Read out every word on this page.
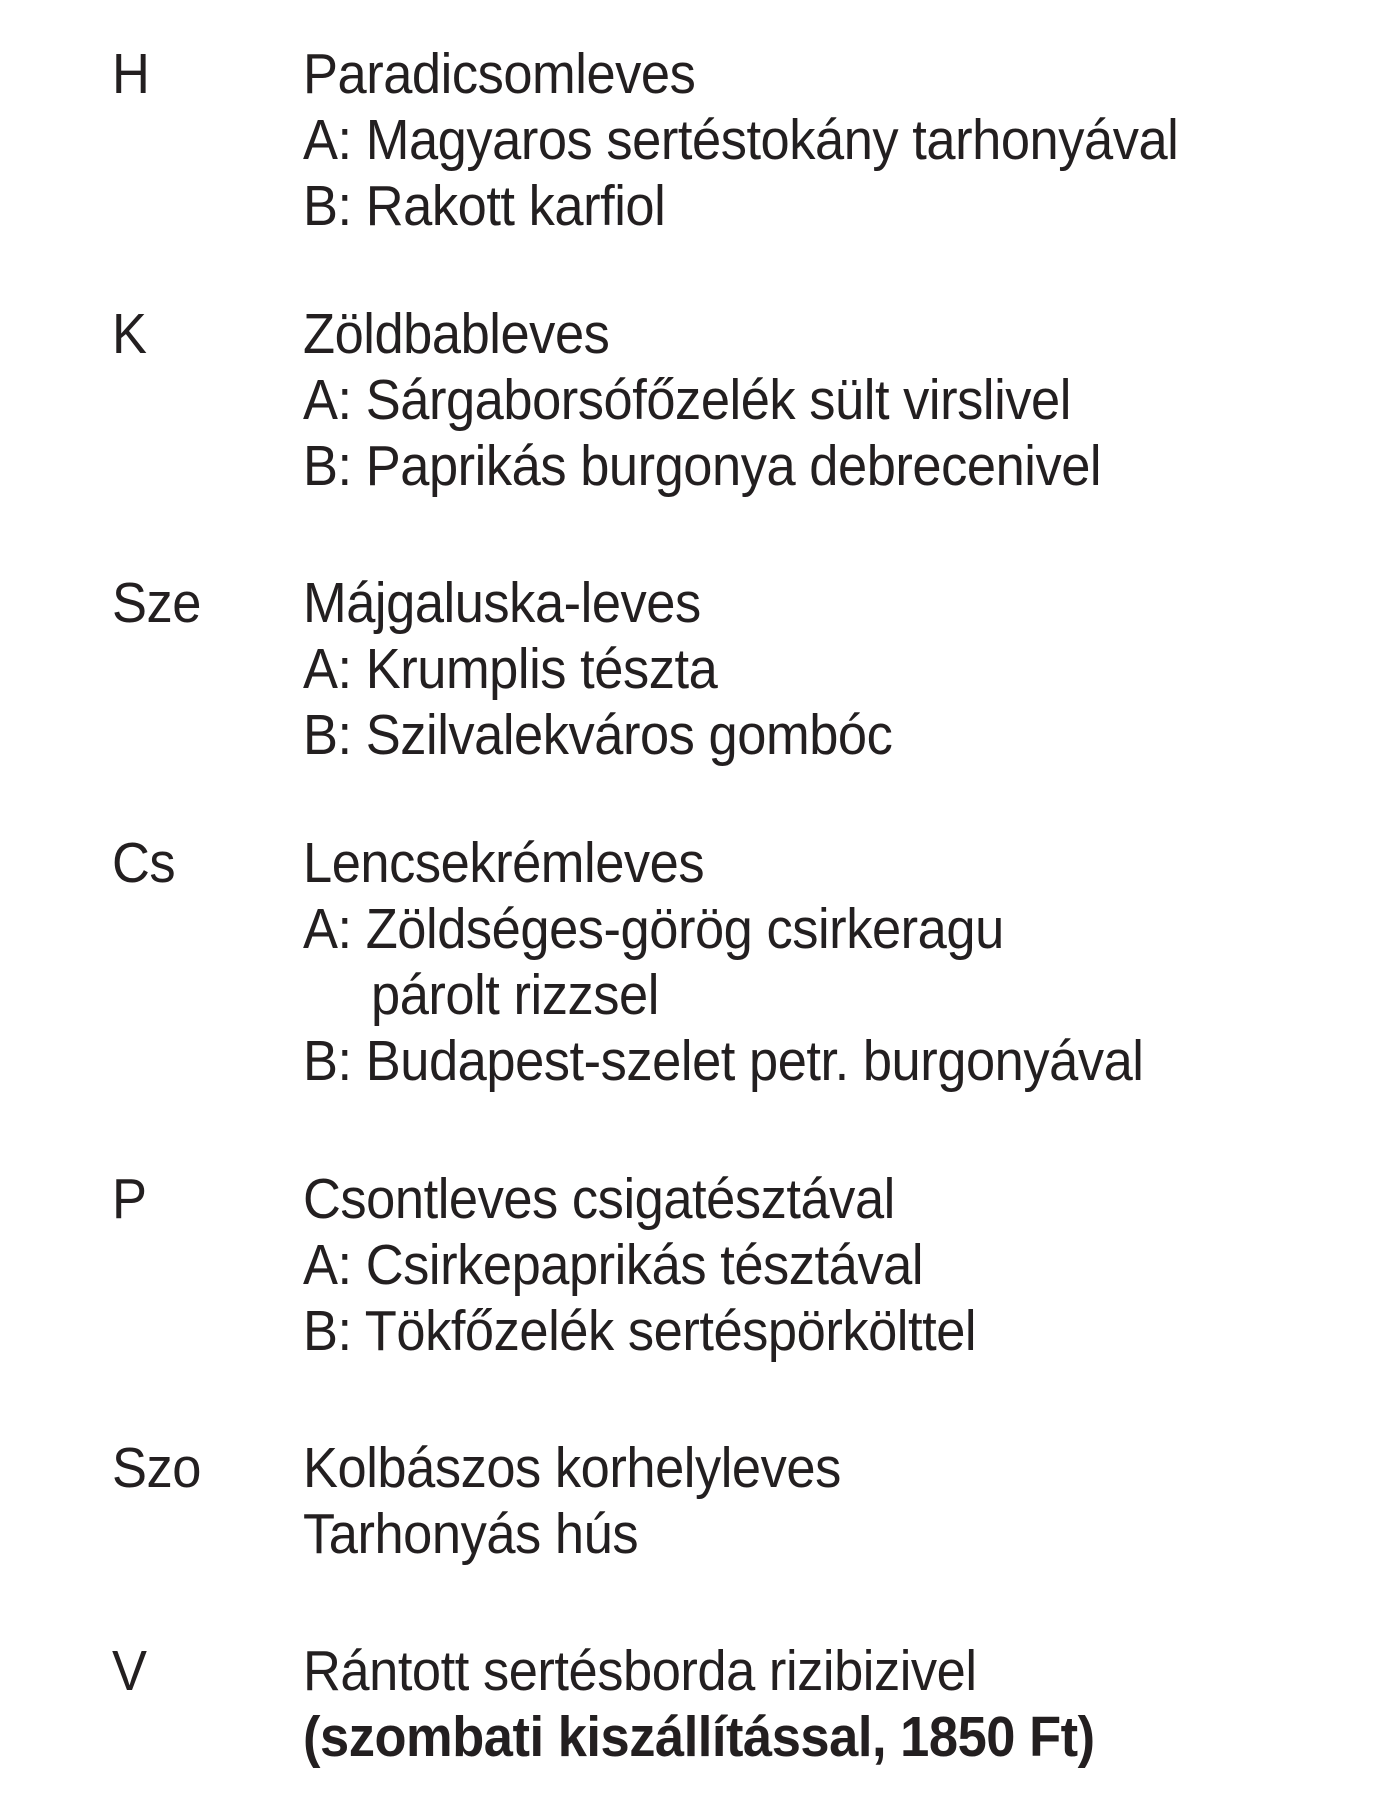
H	Paradicsomleves
A: Magyaros sertéstokány tarhonyával
B: Rakott karfiol
K	Zöldbableves
A: Sárgaborsófőzelék sült virslivel
B: Paprikás burgonya debrecenivel
Sze Májgaluska-leves
A: Krumplis tészta
B: Szilvalekváros gombóc
Cs Lencsekrémleves
A: Zöldséges-görög csirkeragu
párolt rizzsel
B: Budapest-szelet petr. burgonyával
P	Csontleves csigatésztával
A: Csirkepaprikás tésztával
B: Tökfőzelék sertéspörkölttel
Szo Kolbászos korhelyleves
Tarhonyás hús
V	Rántott sertésborda rizibizivel
(szombati kiszállítással, 1850 Ft)
